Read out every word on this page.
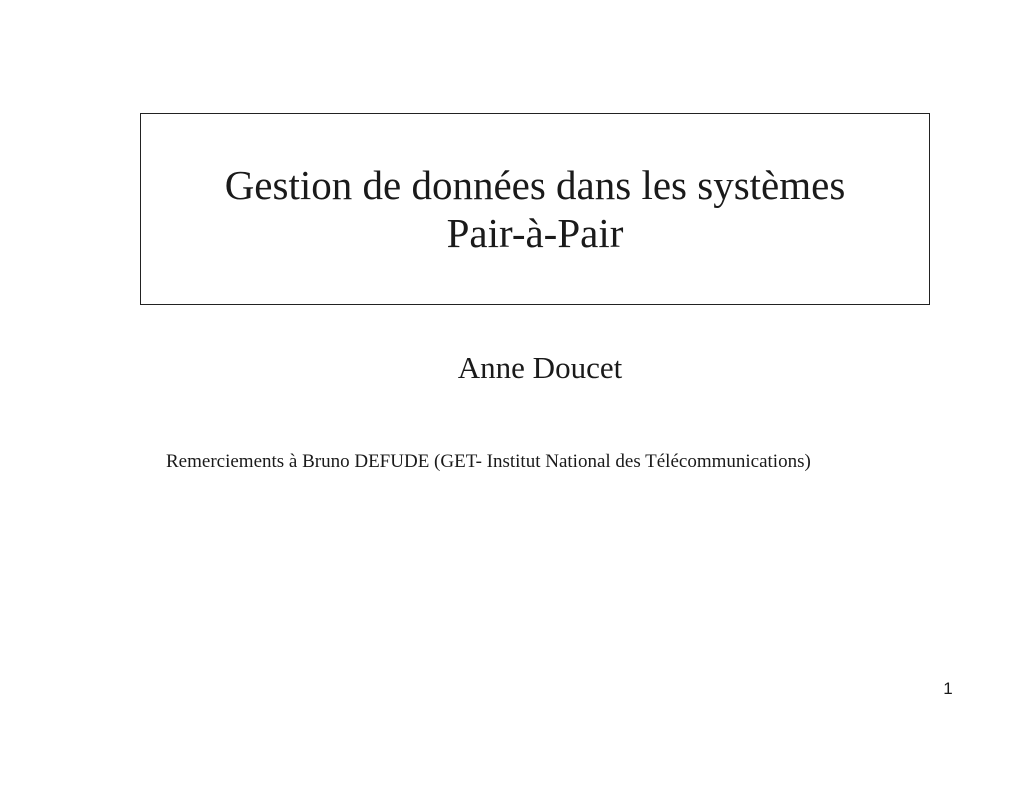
Gestion de données dans les systèmes
Pair-à-Pair
Anne Doucet
Remerciements à Bruno DEFUDE (GET- Institut National des Télécommunications)
1
